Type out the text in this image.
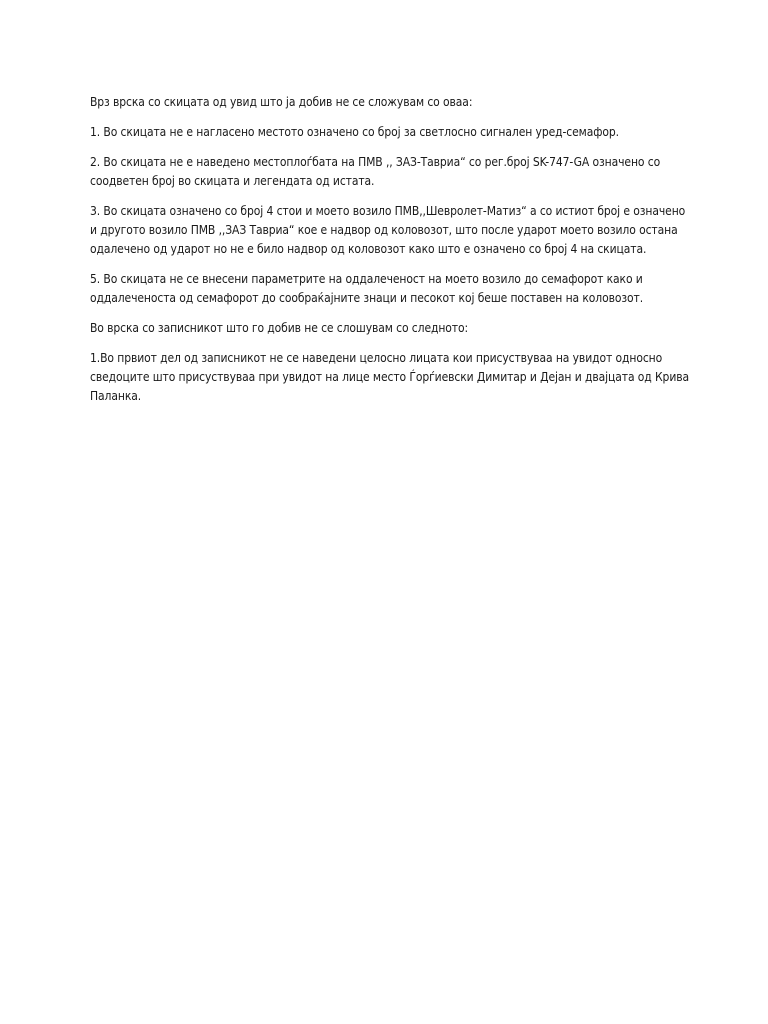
Врз врска со скицата од увид што ја добив не се сложувам со оваа:

1. Во скицата не е нагласено местото означено со број за светлосно сигнален уред-семафор.

2. Во скицата не е наведено местоплоѓбата на ПМВ ,, ЗАЗ-Тавриа“ со рег.број SK-747-GA означено со соодветен број во скицата и легендата од истата.

3. Во скицата означено со број 4 стои и моето возило ПМВ,,Шевролет-Матиз“ а со истиот број е означено и другото возило ПМВ ,,ЗАЗ Тавриа“ кое е надвор од коловозот, што после ударот моето возило остана одалечено од ударот но не е било надвор од коловозот како што е означено со број 4 на скицата.

5. Во скицата не се внесени параметрите на оддалеченост на моето возило до семафорот како и оддалеченоста од семафорот до сообраќајните знаци и песокот кој беше поставен на коловозот.

Во врска со записникот што го добив не се слошувам со следното:

1.Во првиот дел од записникот не се наведени целосно лицата кои присуствуваа на увидот односно сведоците што присуствуваа при увидот на лице место Ѓорѓиевски Димитар и Дејан и двајцата од Крива Паланка.
